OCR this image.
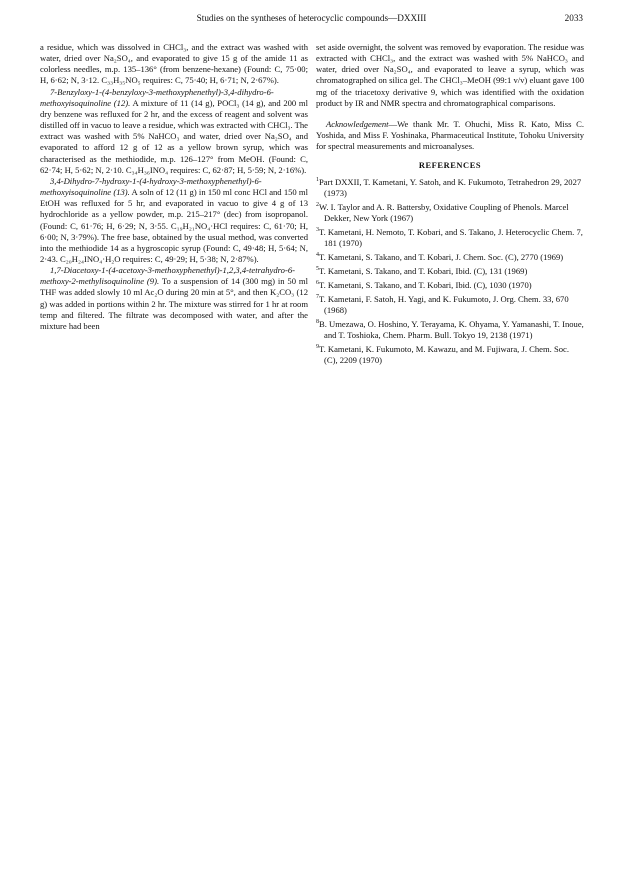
Studies on the syntheses of heterocyclic compounds—DXXIII	2033

a residue, which was dissolved in CHCl₃, and the extract was washed with water, dried over Na₂SO₄, and evaporated to give 15 g of the amide 11 as colorless needles, m.p. 135–136° (from benzene-hexane) (Found: C, 75·00; H, 6·62; N, 3·12. C₃₃H₃₅NO₅ requires: C, 75·40; H, 6·71; N, 2·67%).

7-Benzyloxy-1-(4-benzyloxy-3-methoxyphenethyl)-3,4-dihydro-6-methoxyisoquinoline (12). A mixture of 11 (14 g), POCl₃ (14 g), and 200 ml dry benzene was refluxed for 2 hr, and the excess of reagent and solvent was distilled off in vacuo to leave a residue, which was extracted with CHCl₃. The extract was washed with 5% NaHCO₃ and water, dried over Na₂SO₄ and evaporated to afford 12 g of 12 as a yellow brown syrup, which was characterised as the methiodide, m.p. 126–127° from MeOH. (Found: C, 62·74; H, 5·62; N, 2·10. C₃₄H₃₆INO₄ requires: C, 62·87; H, 5·59; N, 2·16%).

3,4-Dihydro-7-hydroxy-1-(4-hydroxy-3-methoxyphenethyl)-6-methoxyisoquinoline (13). A soln of 12 (11 g) in 150 ml conc HCl and 150 ml EtOH was refluxed for 5 hr, and evaporated in vacuo to give 4 g of 13 hydrochloride as a yellow powder, m.p. 215–217° (dec) from isopropanol. (Found: C, 61·76; H, 6·29; N, 3·55. C₁₉H₂₁NO₄·HCl requires: C, 61·70; H, 6·00; N, 3·79%). The free base, obtained by the usual method, was converted into the methiodide 14 as a hygroscopic syrup (Found: C, 49·48; H, 5·64; N, 2·43. C₂₀H₂₄INO₄·H₂O requires: C, 49·29; H, 5·38; N, 2·87%).

1,7-Diacetoxy-1-(4-acetoxy-3-methoxyphenethyl)-1,2,3,4-tetrahydro-6-methoxy-2-methylisoquinoline (9). To a suspension of 14 (300 mg) in 50 ml THF was added slowly 10 ml Ac₂O during 20 min at 5°, and then K₂CO₃ (12 g) was added in portions within 2 hr. The mixture was stirred for 1 hr at room temp and filtered. The filtrate was decomposed with water, and after the mixture had been

set aside overnight, the solvent was removed by evaporation. The residue was extracted with CHCl₃, and the extract was washed with 5% NaHCO₃ and water, dried over Na₂SO₄, and evaporated to leave a syrup, which was chromatographed on silica gel. The CHCl₃–MeOH (99:1 v/v) eluant gave 100 mg of the triacetoxy derivative 9, which was identified with the oxidation product by IR and NMR spectra and chromatographical comparisons.

Acknowledgement—We thank Mr. T. Ohuchi, Miss R. Kato, Miss C. Yoshida, and Miss F. Yoshinaka, Pharmaceutical Institute, Tohoku University for spectral measurements and microanalyses.

REFERENCES
$^1$Part DXXII, T. Kametani, Y. Satoh, and K. Fukumoto, Tetrahedron 29, 2027 (1973)
$^2$W. I. Taylor and A. R. Battersby, Oxidative Coupling of Phenols. Marcel Dekker, New York (1967)
$^3$T. Kametani, H. Nemoto, T. Kobari, and S. Takano, J. Heterocyclic Chem. 7, 181 (1970)
$^4$T. Kametani, S. Takano, and T. Kobari, J. Chem. Soc. (C), 2770 (1969)
$^5$T. Kametani, S. Takano, and T. Kobari, Ibid. (C), 131 (1969)
$^6$T. Kametani, S. Takano, and T. Kobari, Ibid. (C), 1030 (1970)
$^7$T. Kametani, F. Satoh, H. Yagi, and K. Fukumoto, J. Org. Chem. 33, 670 (1968)
$^8$B. Umezawa, O. Hoshino, Y. Terayama, K. Ohyama, Y. Yamanashi, T. Inoue, and T. Toshioka, Chem. Pharm. Bull. Tokyo 19, 2138 (1971)
$^9$T. Kametani, K. Fukumoto, M. Kawazu, and M. Fujiwara, J. Chem. Soc. (C), 2209 (1970)
